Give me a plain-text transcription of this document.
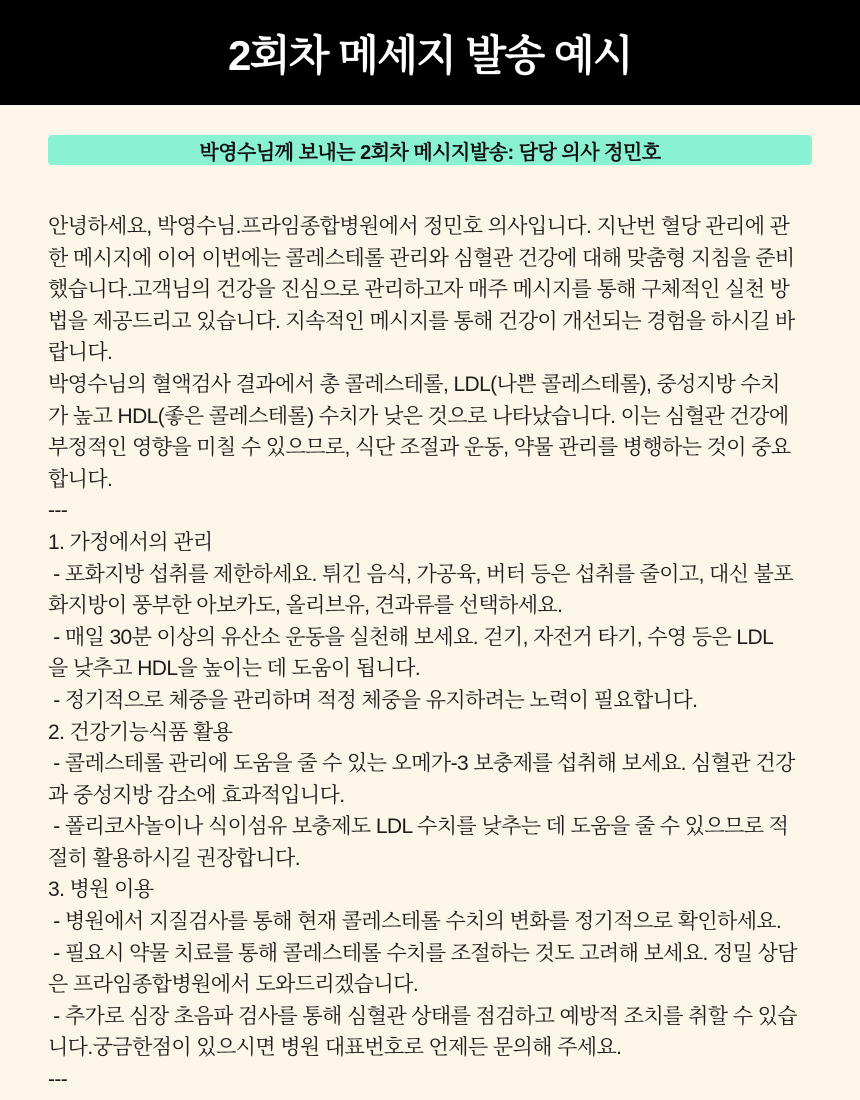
2회차 메세지 발송 예시
박영수님께 보내는 2회차 메시지발송: 담당 의사 정민호
안녕하세요, 박영수님.프라임종합병원에서 정민호 의사입니다. 지난번 혈당 관리에 관
한 메시지에 이어 이번에는 콜레스테롤 관리와 심혈관 건강에 대해 맞춤형 지침을 준비
했습니다.고객님의 건강을 진심으로 관리하고자 매주 메시지를 통해 구체적인 실천 방
법을 제공드리고 있습니다. 지속적인 메시지를 통해 건강이 개선되는 경험을 하시길 바
랍니다.
박영수님의 혈액검사 결과에서 총 콜레스테롤, LDL(나쁜 콜레스테롤), 중성지방 수치
가 높고 HDL(좋은 콜레스테롤) 수치가 낮은 것으로 나타났습니다. 이는 심혈관 건강에
부정적인 영향을 미칠 수 있으므로, 식단 조절과 운동, 약물 관리를 병행하는 것이 중요
합니다.
---
1. 가정에서의 관리
- 포화지방 섭취를 제한하세요. 튀긴 음식, 가공육, 버터 등은 섭취를 줄이고, 대신 불포
화지방이 풍부한 아보카도, 올리브유, 견과류를 선택하세요.
- 매일 30분 이상의 유산소 운동을 실천해 보세요. 걷기, 자전거 타기, 수영 등은 LDL
을 낮추고 HDL을 높이는 데 도움이 됩니다.
- 정기적으로 체중을 관리하며 적정 체중을 유지하려는 노력이 필요합니다.
2. 건강기능식품 활용
- 콜레스테롤 관리에 도움을 줄 수 있는 오메가-3 보충제를 섭취해 보세요. 심혈관 건강
과 중성지방 감소에 효과적입니다.
- 폴리코사놀이나 식이섬유 보충제도 LDL 수치를 낮추는 데 도움을 줄 수 있으므로 적
절히 활용하시길 권장합니다.
3. 병원 이용
- 병원에서 지질검사를 통해 현재 콜레스테롤 수치의 변화를 정기적으로 확인하세요.
- 필요시 약물 치료를 통해 콜레스테롤 수치를 조절하는 것도 고려해 보세요. 정밀 상담
은 프라임종합병원에서 도와드리겠습니다.
- 추가로 심장 초음파 검사를 통해 심혈관 상태를 점검하고 예방적 조치를 취할 수 있습
니다.궁금한점이 있으시면 병원 대표번호로 언제든 문의해 주세요.
---
